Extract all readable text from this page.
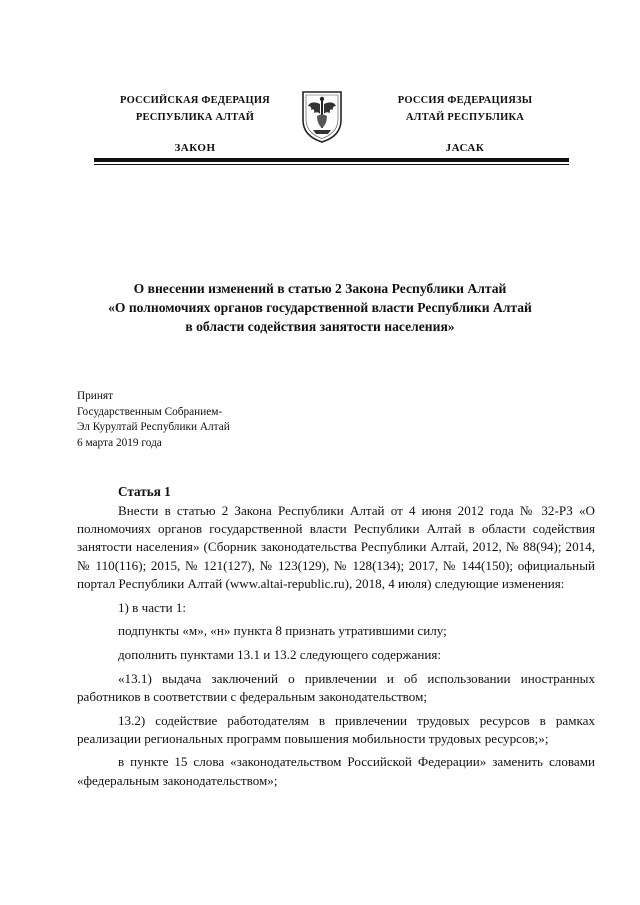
РОССИЙСКАЯ ФЕДЕРАЦИЯ
РЕСПУБЛИКА АЛТАЙ
ЗАКОН
РОССИЯ ФЕДЕРАЦИЯЗЫ
АЛТАЙ РЕСПУБЛИКА
JАСАК
О внесении изменений в статью 2 Закона Республики Алтай
«О полномочиях органов государственной власти Республики Алтай
в области содействия занятости населения»
Принят
Государственным Собранием-
Эл Курултай Республики Алтай
6 марта 2019 года
Статья 1

Внести в статью 2 Закона Республики Алтай от 4 июня 2012 года № 32-РЗ «О полномочиях органов государственной власти Республики Алтай в области содействия занятости населения» (Сборник законодательства Республики Алтай, 2012, № 88(94); 2014, № 110(116); 2015, № 121(127), № 123(129), № 128(134); 2017, № 144(150); официальный портал Республики Алтай (www.altai-republic.ru), 2018, 4 июля) следующие изменения:

1) в части 1:

подпункты «м», «н» пункта 8 признать утратившими силу;

дополнить пунктами 13.1 и 13.2 следующего содержания:

«13.1) выдача заключений о привлечении и об использовании иностранных работников в соответствии с федеральным законодательством;

13.2) содействие работодателям в привлечении трудовых ресурсов в рамках реализации региональных программ повышения мобильности трудовых ресурсов;»;

в пункте 15 слова «законодательством Российской Федерации» заменить словами «федеральным законодательством»;
